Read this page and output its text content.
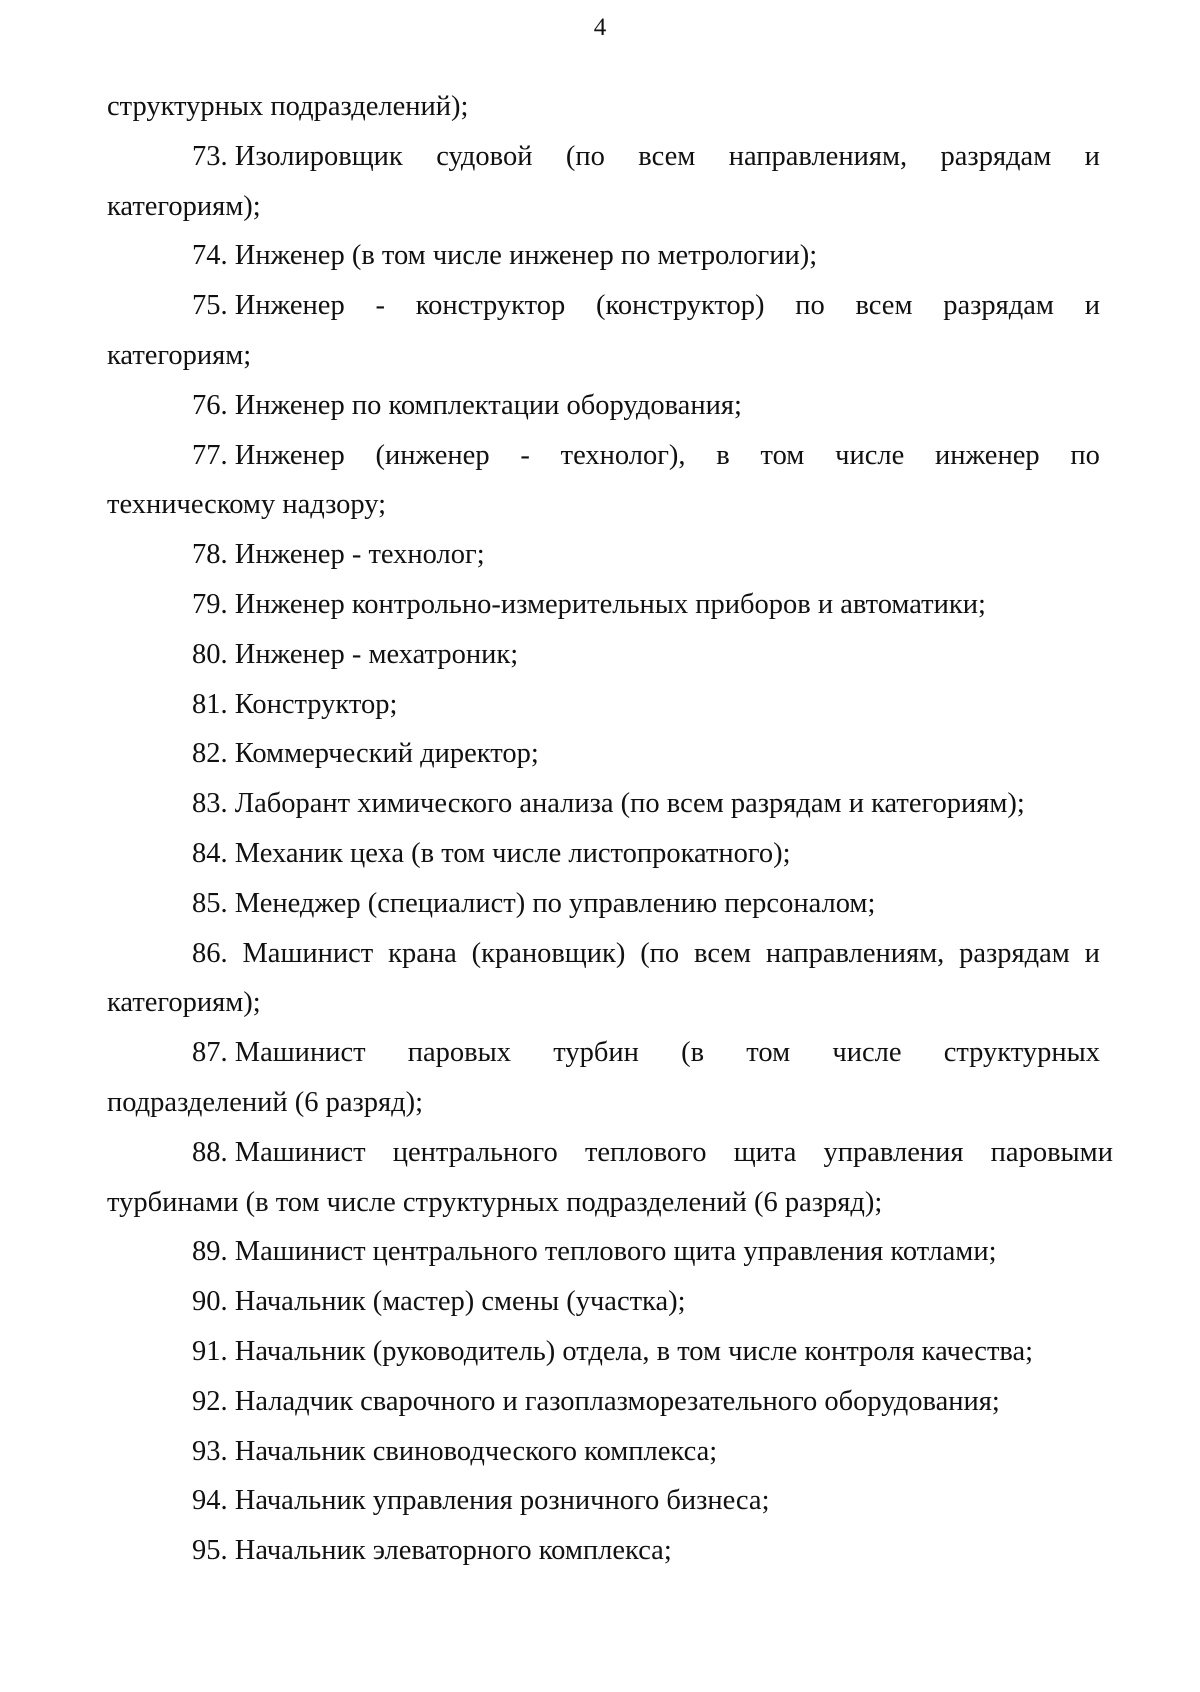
4
структурных подразделений);
73. Изолировщик судовой (по всем направлениям, разрядам и
категориям);
74. Инженер (в том числе инженер по метрологии);
75. Инженер - конструктор (конструктор) по всем разрядам и
категориям;
76. Инженер по комплектации оборудования;
77. Инженер (инженер - технолог), в том числе инженер по
техническому надзору;
78. Инженер - технолог;
79. Инженер контрольно-измерительных приборов и автоматики;
80. Инженер - мехатроник;
81. Конструктор;
82. Коммерческий директор;
83. Лаборант химического анализа (по всем разрядам и категориям);
84. Механик цеха (в том числе листопрокатного);
85. Менеджер (специалист) по управлению персоналом;
86. Машинист крана (крановщик) (по всем направлениям, разрядам и
категориям);
87. Машинист паровых турбин (в том числе структурных
подразделений (6 разряд);
88. Машинист центрального теплового щита управления паровыми
турбинами (в том числе структурных подразделений (6 разряд);
89. Машинист центрального теплового щита управления котлами;
90. Начальник (мастер) смены (участка);
91. Начальник (руководитель) отдела, в том числе контроля качества;
92. Наладчик сварочного и газоплазморезательного оборудования;
93. Начальник свиноводческого комплекса;
94. Начальник управления розничного бизнеса;
95. Начальник элеваторного комплекса;
